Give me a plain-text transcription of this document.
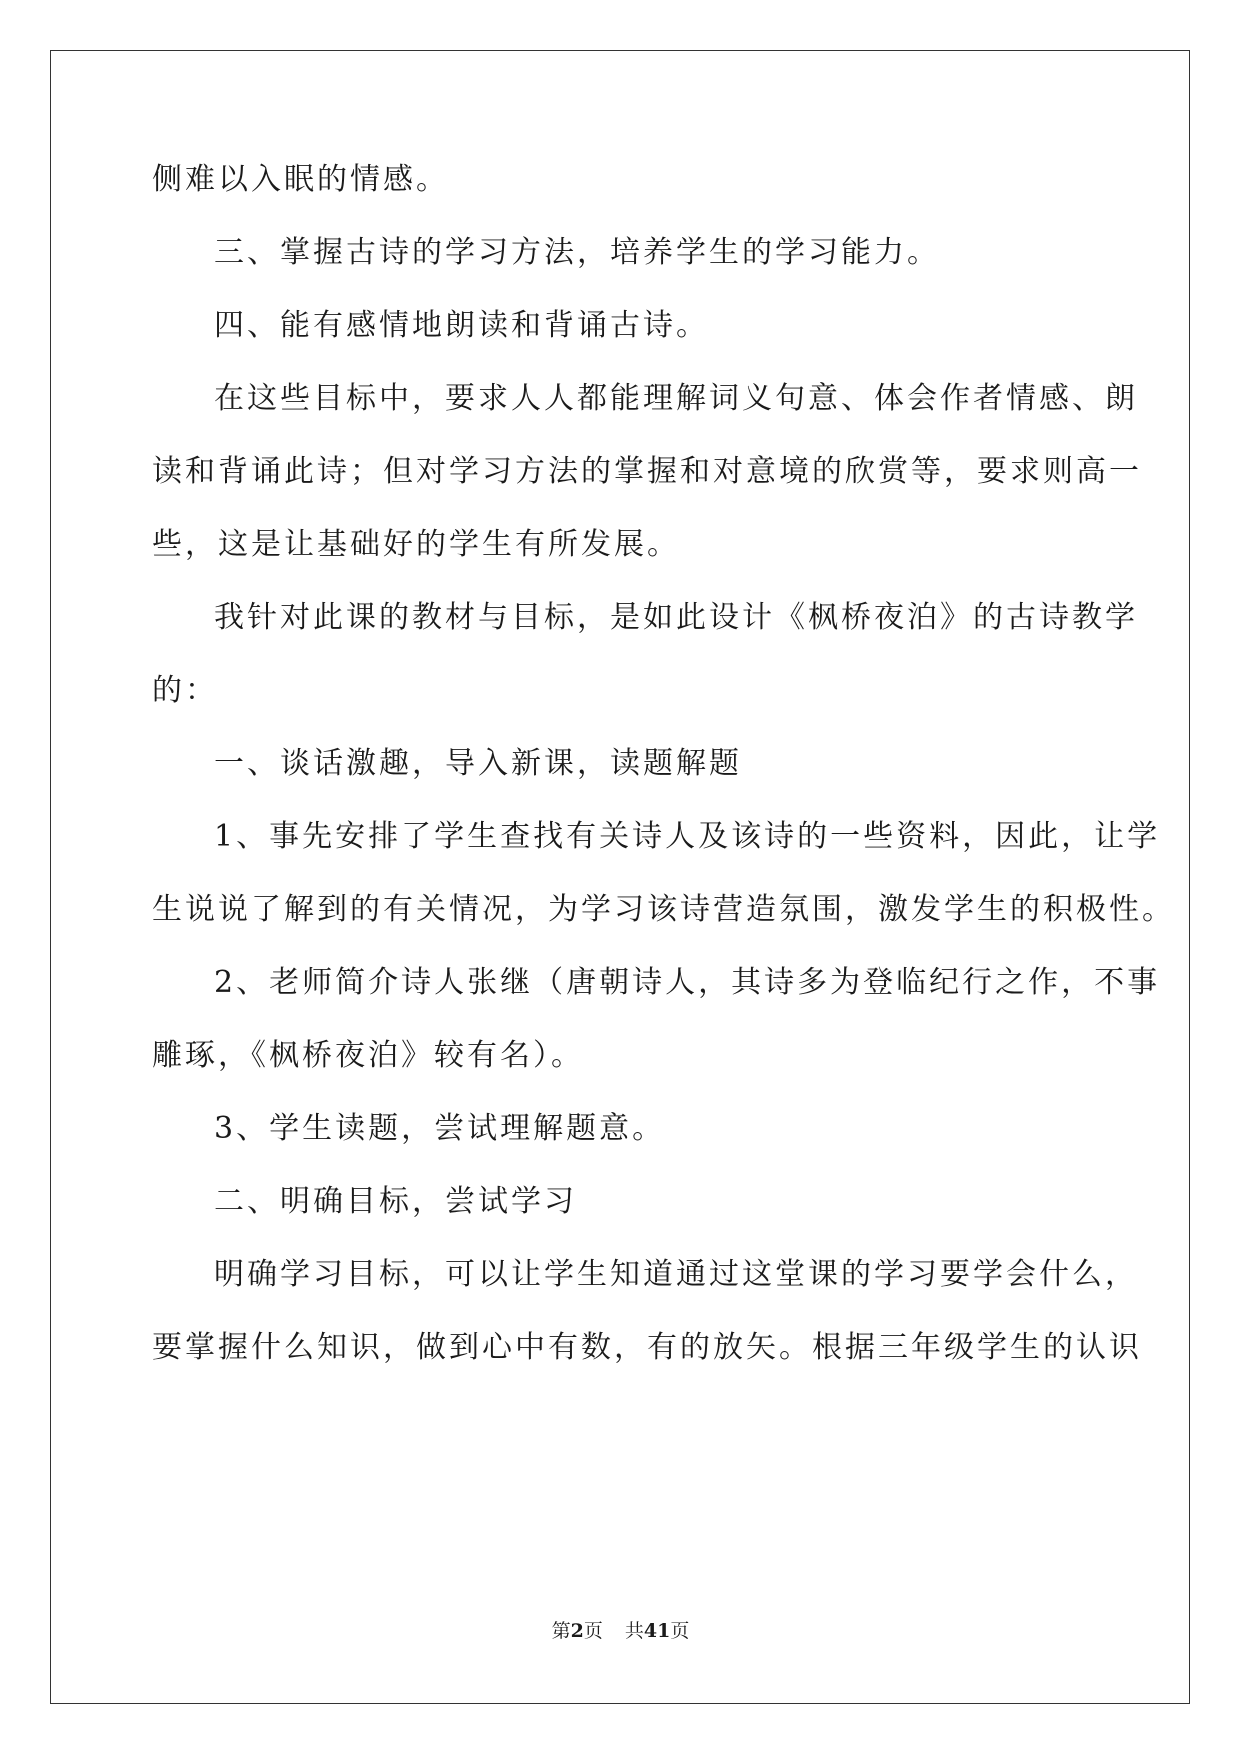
侧难以入眠的情感。
三、掌握古诗的学习方法，培养学生的学习能力。
四、能有感情地朗读和背诵古诗。
在这些目标中，要求人人都能理解词义句意、体会作者情感、朗
读和背诵此诗；但对学习方法的掌握和对意境的欣赏等，要求则高一
些，这是让基础好的学生有所发展。
我针对此课的教材与目标，是如此设计《枫桥夜泊》的古诗教学
的：
一、谈话激趣，导入新课，读题解题
1、事先安排了学生查找有关诗人及该诗的一些资料，因此，让学
生说说了解到的有关情况，为学习该诗营造氛围，激发学生的积极性。
2、老师简介诗人张继（唐朝诗人，其诗多为登临纪行之作，不事
雕琢，《枫桥夜泊》较有名）。
3、学生读题，尝试理解题意。
二、明确目标，尝试学习
明确学习目标，可以让学生知道通过这堂课的学习要学会什么，
要掌握什么知识，做到心中有数，有的放矢。根据三年级学生的认识
第2页 共41页
